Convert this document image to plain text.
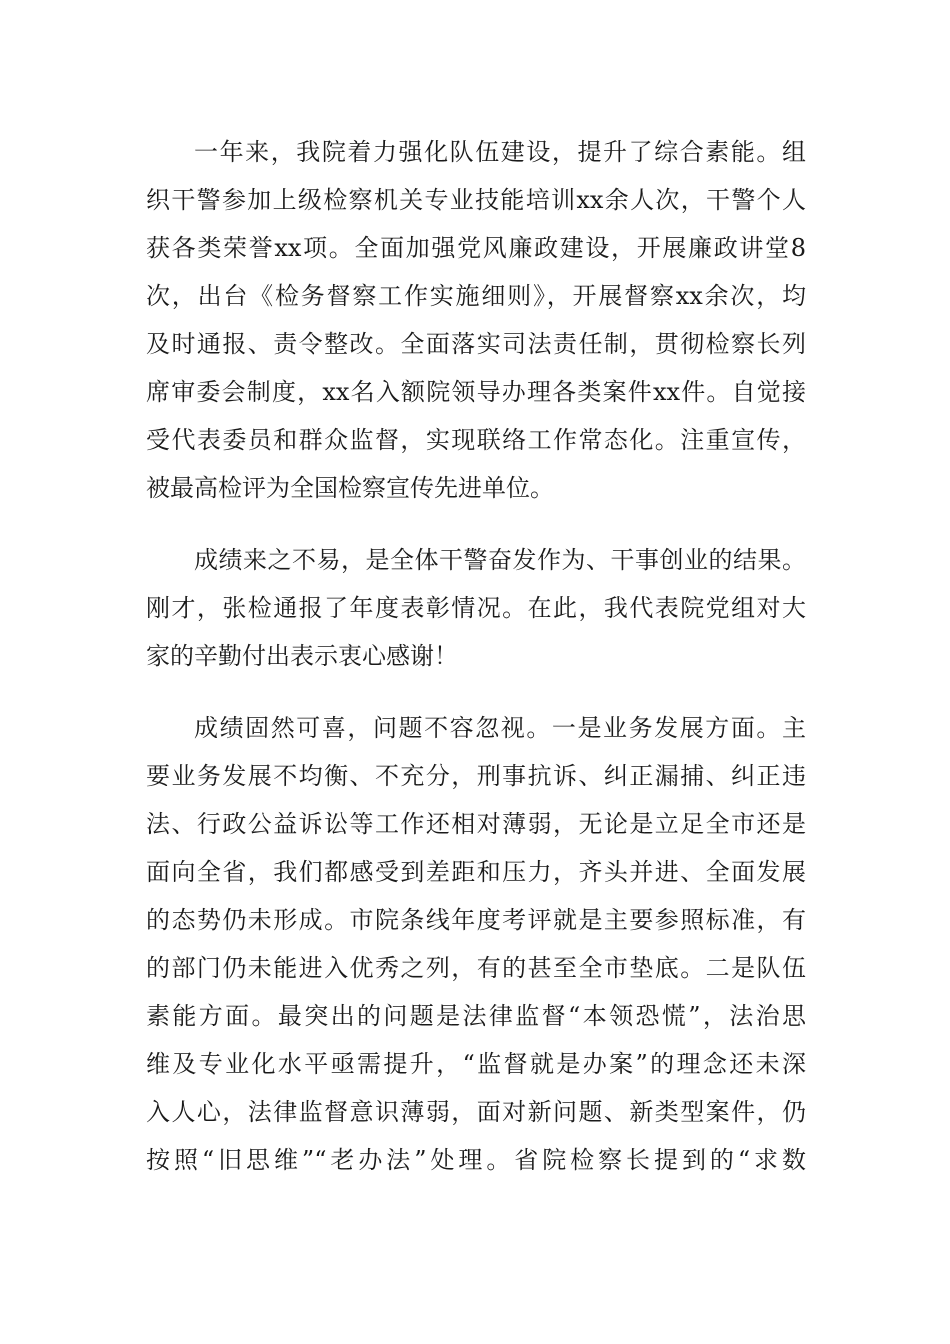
一年来，我院着力强化队伍建设，提升了综合素能。组

织干警参加上级检察机关专业技能培训xx余人次，干警个人

获各类荣誉xx项。全面加强党风廉政建设，开展廉政讲堂8

次，出台《检务督察工作实施细则》，开展督察xx余次，均

及时通报、责令整改。全面落实司法责任制，贯彻检察长列

席审委会制度，xx名入额院领导办理各类案件xx件。自觉接

受代表委员和群众监督，实现联络工作常态化。注重宣传，

被最高检评为全国检察宣传先进单位。

成绩来之不易，是全体干警奋发作为、干事创业的结果。

刚才，张检通报了年度表彰情况。在此，我代表院党组对大

家的辛勤付出表示衷心感谢！

成绩固然可喜，问题不容忽视。一是业务发展方面。主

要业务发展不均衡、不充分，刑事抗诉、纠正漏捕、纠正违

法、行政公益诉讼等工作还相对薄弱，无论是立足全市还是

面向全省，我们都感受到差距和压力，齐头并进、全面发展

的态势仍未形成。市院条线年度考评就是主要参照标准，有

的部门仍未能进入优秀之列，有的甚至全市垫底。二是队伍

素能方面。最突出的问题是法律监督“本领恐慌”，法治思

维及专业化水平亟需提升，“监督就是办案”的理念还未深

入人心，法律监督意识薄弱，面对新问题、新类型案件，仍

按照“旧思维”“老办法”处理。省院检察长提到的“求数
